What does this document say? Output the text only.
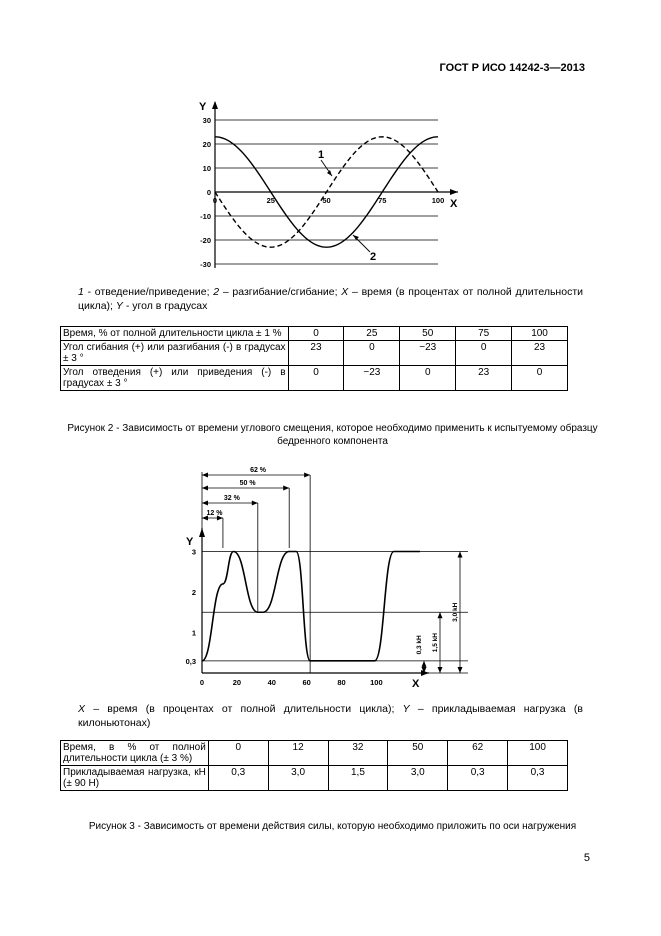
ГОСТ Р ИСО 14242-3—2013
Y
X
30
20
10
0
-10
-20
-30
0	25	50	75	100
1
2
1 - отведение/приведение; 2 – разгибание/сгибание; X – время (в процентах от полной длительности цикла); Y - угол в градусах
Время, % от полной длительности цикла ± 1 %	0	25	50	75	100
Угол сгибания (+) или разгибания (-) в градусах ± 3 °	23	0	−23	0	23
Угол отведения (+) или приведения (-) в градусах ± 3 °	0	−23	0	23	0
Рисунок 2 - Зависимость от времени углового смещения, которое необходимо применить к испытуемому образцу бедренного компонента
Y
X
0,3
1
2
3
0	20	40	60	80	100
12 %
32 %
50 %
62 %
0,3 kH 1,5 kH
3,0 kH
X – время (в процентах от полной длительности цикла); Y – прикладываемая нагрузка (в килоньютонах)
Время, в % от полной длительности цикла (± 3 %)	0	12	32	50	62	100
Прикладываемая нагрузка, кН (± 90 Н)	0,3	3,0	1,5	3,0	0,3	0,3
Рисунок 3 - Зависимость от времени действия силы, которую необходимо приложить по оси нагружения
5
